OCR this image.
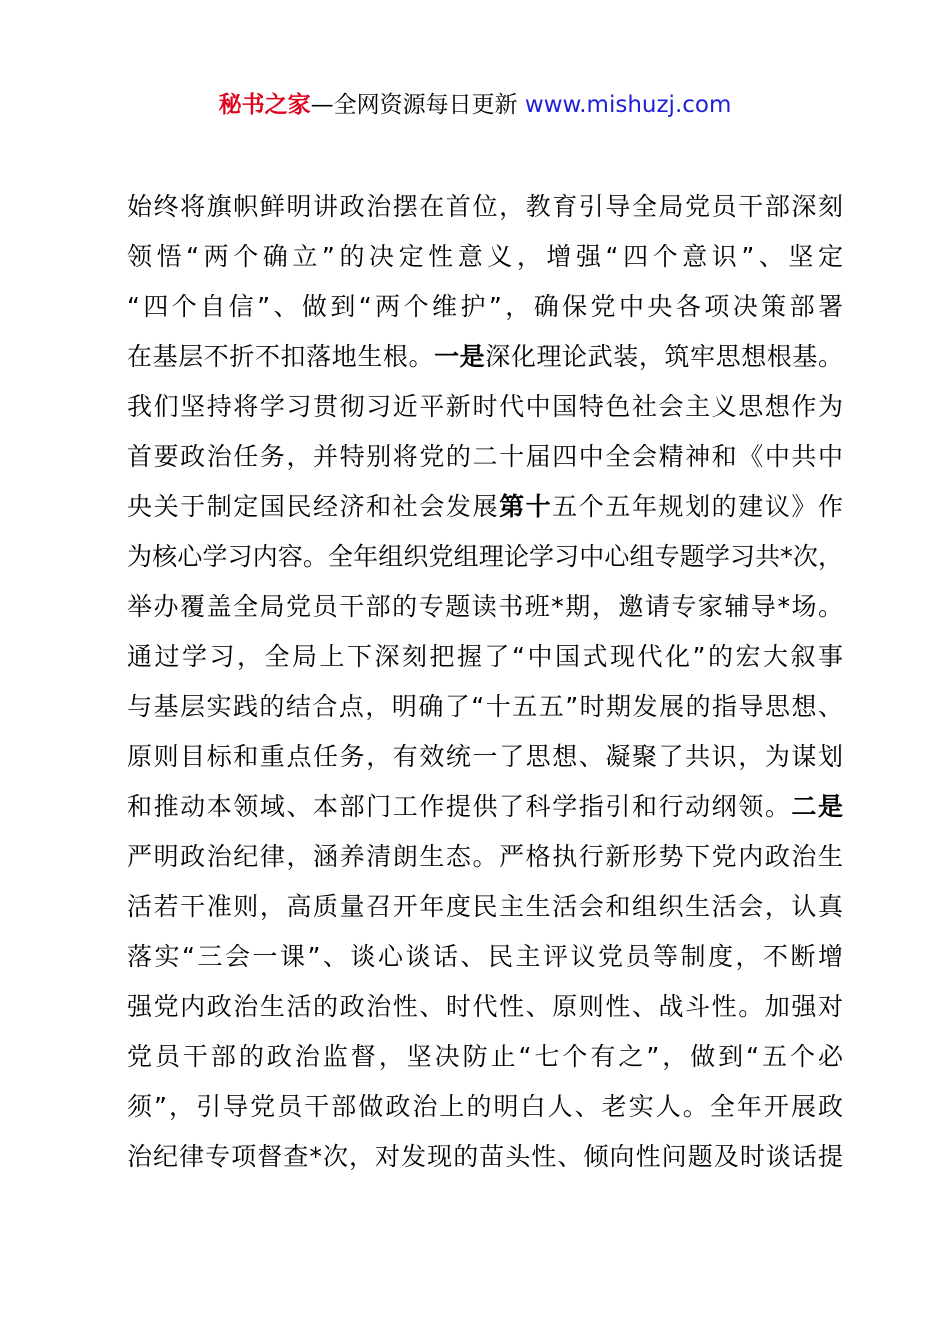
秘书之家—全网资源每日更新 www.mishuzj.com
始终将旗帜鲜明讲政治摆在首位，教育引导全局党员干部深刻
领悟“两个确立”的决定性意义，增强“四个意识”、坚定
“四个自信”、做到“两个维护”，确保党中央各项决策部署
在基层不折不扣落地生根。一是深化理论武装，筑牢思想根基。
我们坚持将学习贯彻习近平新时代中国特色社会主义思想作为
首要政治任务，并特别将党的二十届四中全会精神和《中共中
央关于制定国民经济和社会发展第十五个五年规划的建议》作
为核心学习内容。全年组织党组理论学习中心组专题学习共*次，
举办覆盖全局党员干部的专题读书班*期，邀请专家辅导*场。
通过学习，全局上下深刻把握了“中国式现代化”的宏大叙事
与基层实践的结合点，明确了“十五五”时期发展的指导思想、
原则目标和重点任务，有效统一了思想、凝聚了共识，为谋划
和推动本领域、本部门工作提供了科学指引和行动纲领。二是
严明政治纪律，涵养清朗生态。严格执行新形势下党内政治生
活若干准则，高质量召开年度民主生活会和组织生活会，认真
落实“三会一课”、谈心谈话、民主评议党员等制度，不断增
强党内政治生活的政治性、时代性、原则性、战斗性。加强对
党员干部的政治监督，坚决防止“七个有之”，做到“五个必
须”，引导党员干部做政治上的明白人、老实人。全年开展政
治纪律专项督查*次，对发现的苗头性、倾向性问题及时谈话提
